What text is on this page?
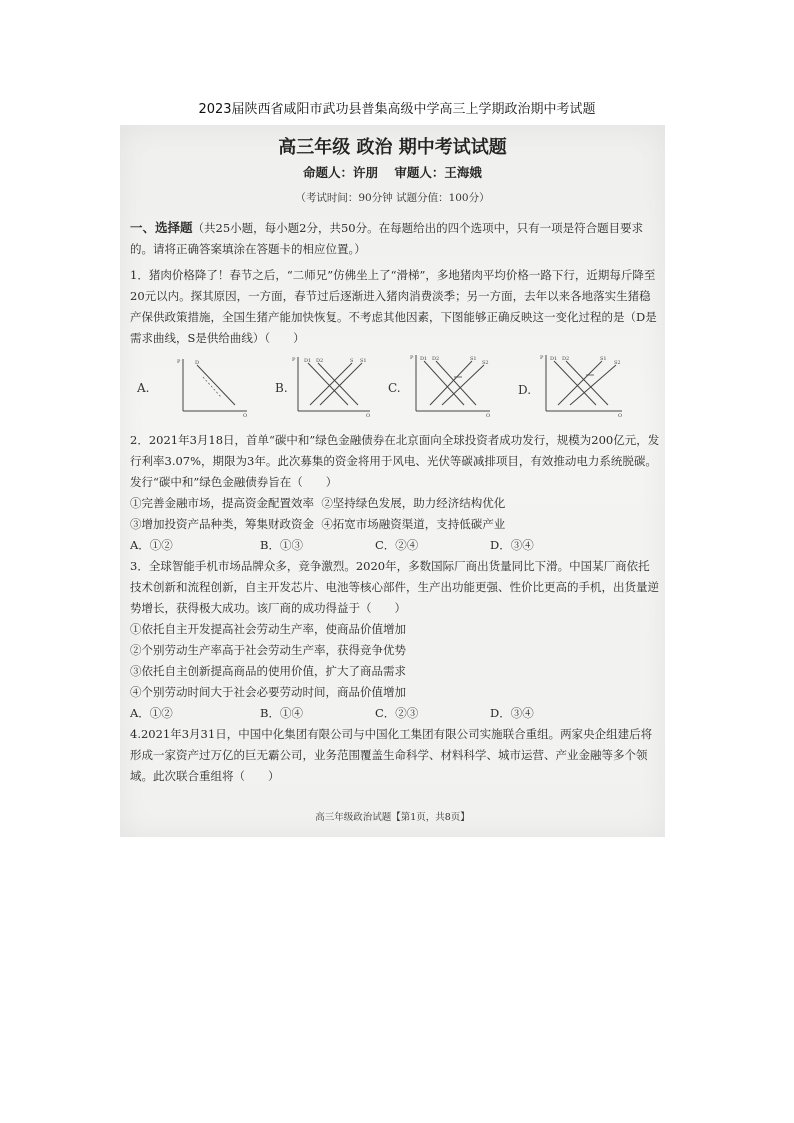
2023届陕西省咸阳市武功县普集高级中学高三上学期政治期中考试题
高三年级 政治 期中考试试题
命题人：许朋 审题人：王海娥
（考试时间：90分钟 试题分值：100分）
一、选择题（共25小题，每小题2分，共50分。在每题给出的四个选项中，只有一项是符合题目要求的。请将正确答案填涂在答题卡的相应位置。）

1．猪肉价格降了！春节之后，“二师兄”仿佛坐上了“滑梯”，多地猪肉平均价格一路下行，近期每斤降至20元以内。探其原因，一方面，春节过后逐渐进入猪肉消费淡季；另一方面，去年以来各地落实生猪稳产保供政策措施，全国生猪产能加快恢复。不考虑其他因素，下图能够正确反映这一变化过程的是（D是需求曲线，S是供给曲线）（　　）

A.
P
Q
D
B.
P
Q
D1 D2	S S1
C.
P
Q
D1 D2	S1
S2
D.
P
Q
D1 D2	S1
S2

2．2021年3月18日，首单“碳中和”绿色金融债券在北京面向全球投资者成功发行，规模为200亿元，发行利率3.07%，期限为3年。此次募集的资金将用于风电、光伏等碳减排项目，有效推动电力系统脱碳。发行“碳中和”绿色金融债券旨在（　　）

①完善金融市场，提高资金配置效率 ②坚持绿色发展，助力经济结构优化
③增加投资产品种类，筹集财政资金 ④拓宽市场融资渠道，支持低碳产业
A．①②	B．①③	C．②④	D．③④

3．全球智能手机市场品牌众多，竞争激烈。2020年，多数国际厂商出货量同比下滑。中国某厂商依托技术创新和流程创新，自主开发芯片、电池等核心部件，生产出功能更强、性价比更高的手机，出货量逆势增长，获得极大成功。该厂商的成功得益于（　　）

①依托自主开发提高社会劳动生产率，使商品价值增加
②个别劳动生产率高于社会劳动生产率，获得竞争优势
③依托自主创新提高商品的使用价值，扩大了商品需求
④个别劳动时间大于社会必要劳动时间，商品价值增加
A．①②	B．①④	C．②③	D．③④

4.2021年3月31日，中国中化集团有限公司与中国化工集团有限公司实施联合重组。两家央企组建后将形成一家资产过万亿的巨无霸公司，业务范围覆盖生命科学、材料科学、城市运营、产业金融等多个领域。此次联合重组将（　　）

高三年级政治试题【第1页，共8页】
